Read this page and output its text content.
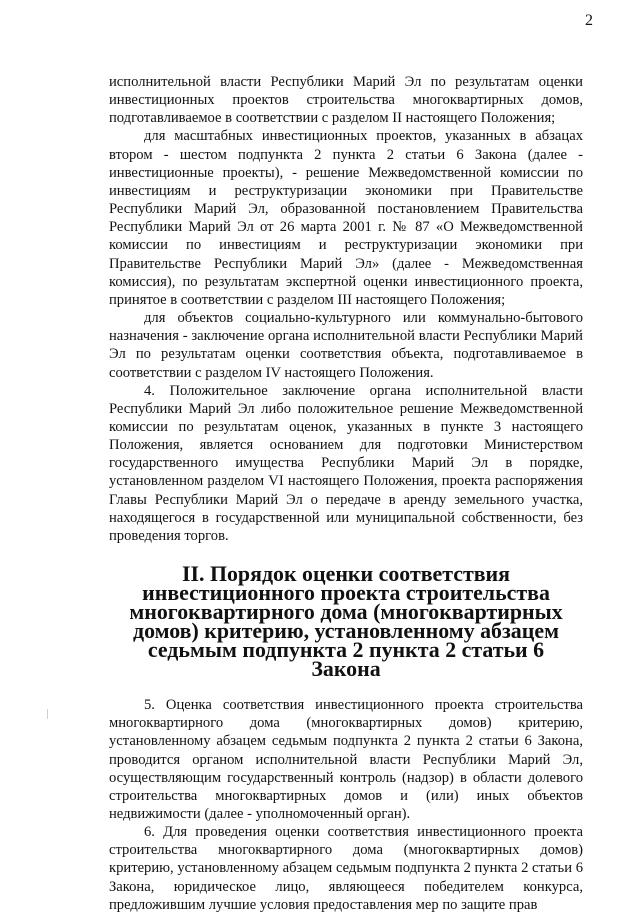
2

исполнительной власти Республики Марий Эл по результатам оценки инвестиционных проектов строительства многоквартирных домов, подготавливаемое в соответствии с разделом II настоящего Положения;

для масштабных инвестиционных проектов, указанных в абзацах втором - шестом подпункта 2 пункта 2 статьи 6 Закона (далее - инвестиционные проекты), - решение Межведомственной комиссии по инвестициям и реструктуризации экономики при Правительстве Республики Марий Эл, образованной постановлением Правительства Республики Марий Эл от 26 марта 2001 г. № 87 «О Межведомственной комиссии по инвестициям и реструктуризации экономики при Правительстве Республики Марий Эл» (далее - Межведомственная комиссия), по результатам экспертной оценки инвестиционного проекта, принятое в соответствии с разделом III настоящего Положения;

для объектов социально-культурного или коммунально-бытового назначения - заключение органа исполнительной власти Республики Марий Эл по результатам оценки соответствия объекта, подготавливаемое в соответствии с разделом IV настоящего Положения.

4. Положительное заключение органа исполнительной власти Республики Марий Эл либо положительное решение Межведомственной комиссии по результатам оценок, указанных в пункте 3 настоящего Положения, является основанием для подготовки Министерством государственного имущества Республики Марий Эл в порядке, установленном разделом VI настоящего Положения, проекта распоряжения Главы Республики Марий Эл о передаче в аренду земельного участка, находящегося в государственной или муниципальной собственности, без проведения торгов.

II. Порядок оценки соответствия инвестиционного проекта строительства многоквартирного дома (многоквартирных домов) критерию, установленному абзацем седьмым подпункта 2 пункта 2 статьи 6 Закона

5. Оценка соответствия инвестиционного проекта строительства многоквартирного дома (многоквартирных домов) критерию, установленному абзацем седьмым подпункта 2 пункта 2 статьи 6 Закона, проводится органом исполнительной власти Республики Марий Эл, осуществляющим государственный контроль (надзор) в области долевого строительства многоквартирных домов и (или) иных объектов недвижимости (далее - уполномоченный орган).

6. Для проведения оценки соответствия инвестиционного проекта строительства многоквартирного дома (многоквартирных домов) критерию, установленному абзацем седьмым подпункта 2 пункта 2 статьи 6 Закона, юридическое лицо, являющееся победителем конкурса, предложившим лучшие условия предоставления мер по защите прав
